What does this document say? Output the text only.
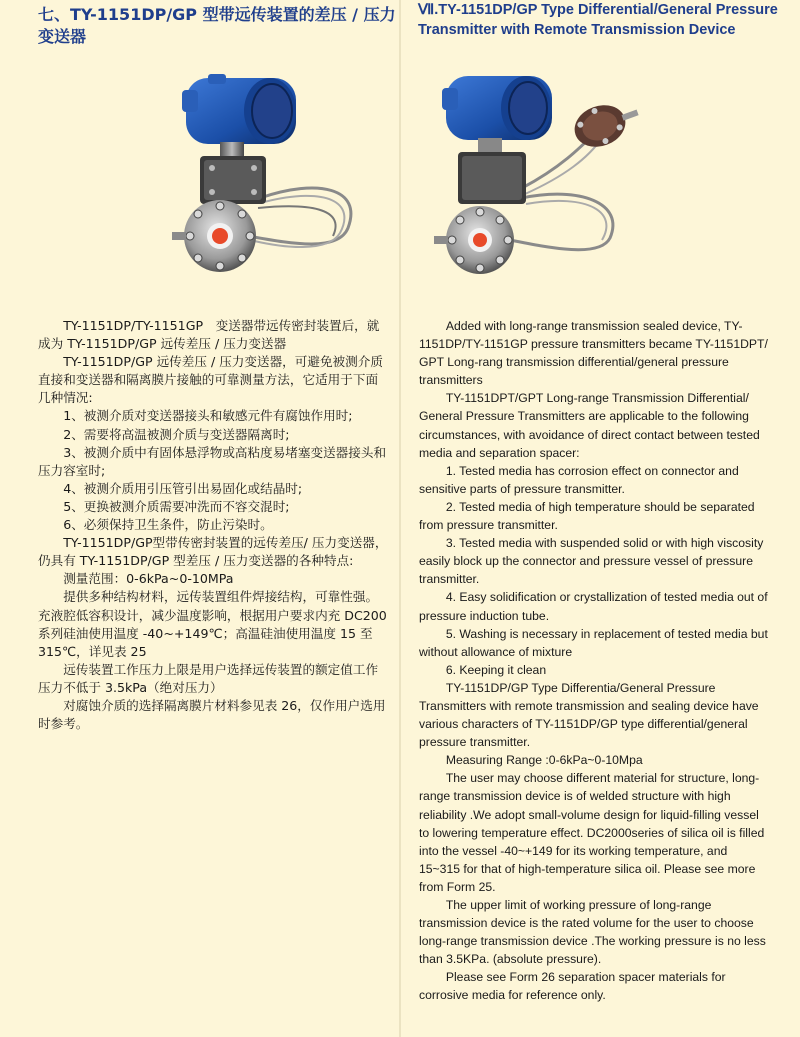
七、TY-1151DP/GP 型带远传装置的差压 / 压力变送器
Ⅶ.TY-1151DP/GP Type Differential/General Pressure Transmitter with Remote Transmission Device

TY-1151DP/TY-1151GP　变送器带远传密封装置后，就成为 TY-1151DP/GP 远传差压 / 压力变送器

TY-1151DP/GP 远传差压 / 压力变送器，可避免被测介质直接和变送器和隔离膜片接触的可靠测量方法，它适用于下面几种情况:

1、被测介质对变送器接头和敏感元件有腐蚀作用时;

2、需要将高温被测介质与变送器隔离时;

3、被测介质中有固体悬浮物或高粘度易堵塞变送器接头和压力容室时;

4、被测介质用引压管引出易固化或结晶时;

5、更换被测介质需要冲洗而不容交混时;

6、必须保持卫生条件，防止污染时。

TY-1151DP/GP型带传密封装置的远传差压/ 压力变送器，仍具有 TY-1151DP/GP 型差压 / 压力变送器的各种特点:

测量范围：0-6kPa~0-10MPa

提供多种结构材料，远传装置组件焊接结构，可靠性强。充液腔低容积设计，减少温度影响，根据用户要求内充 DC200 系列硅油使用温度 -40~+149℃；高温硅油使用温度 15 至 315℃，详见表 25

远传装置工作压力上限是用户选择远传装置的额定值工作压力不低于 3.5kPa（绝对压力）

对腐蚀介质的选择隔离膜片材料参见表 26，仅作用户选用时参考。

Added with long-range transmission sealed device, TY-1151DP/TY-1151GP pressure transmitters became TY-1151DPT/ GPT Long-rang transmission differential/general pressure transmitters

TY-1151DPT/GPT Long-range Transmission Differential/ General Pressure Transmitters are applicable to the following circumstances, with avoidance of direct contact between tested media and separation spacer:

1. Tested media has corrosion effect on connector and sensitive parts of pressure transmitter.

2. Tested media of high temperature should be separated from pressure transmitter.

3. Tested media with suspended solid or with high viscosity easily block up the connector and pressure vessel of pressure transmitter.

4. Easy solidification or crystallization of tested media out of pressure induction tube.

5. Washing is necessary in replacement of tested media but without allowance of mixture

6. Keeping it clean

TY-1151DP/GP Type Differentia/General Pressure Transmitters with remote transmission and sealing device have various characters of TY-1151DP/GP type differential/general pressure transmitter.

Measuring Range :0-6kPa~0-10Mpa

The user may choose different material for structure, long-range transmission device is of welded structure with high reliability .We adopt small-volume design for liquid-filling vessel to lowering temperature effect. DC2000series of silica oil is filled into the vessel -40~+149 for its working temperature, and 15~315 for that of high-temperature silica oil. Please see more from Form 25.

The upper limit of working pressure of long-range transmission device is the rated volume for the user to choose long-range transmission device .The working pressure is no less than 3.5KPa. (absolute pressure).

Please see Form 26 separation spacer materials for corrosive media for reference only.
